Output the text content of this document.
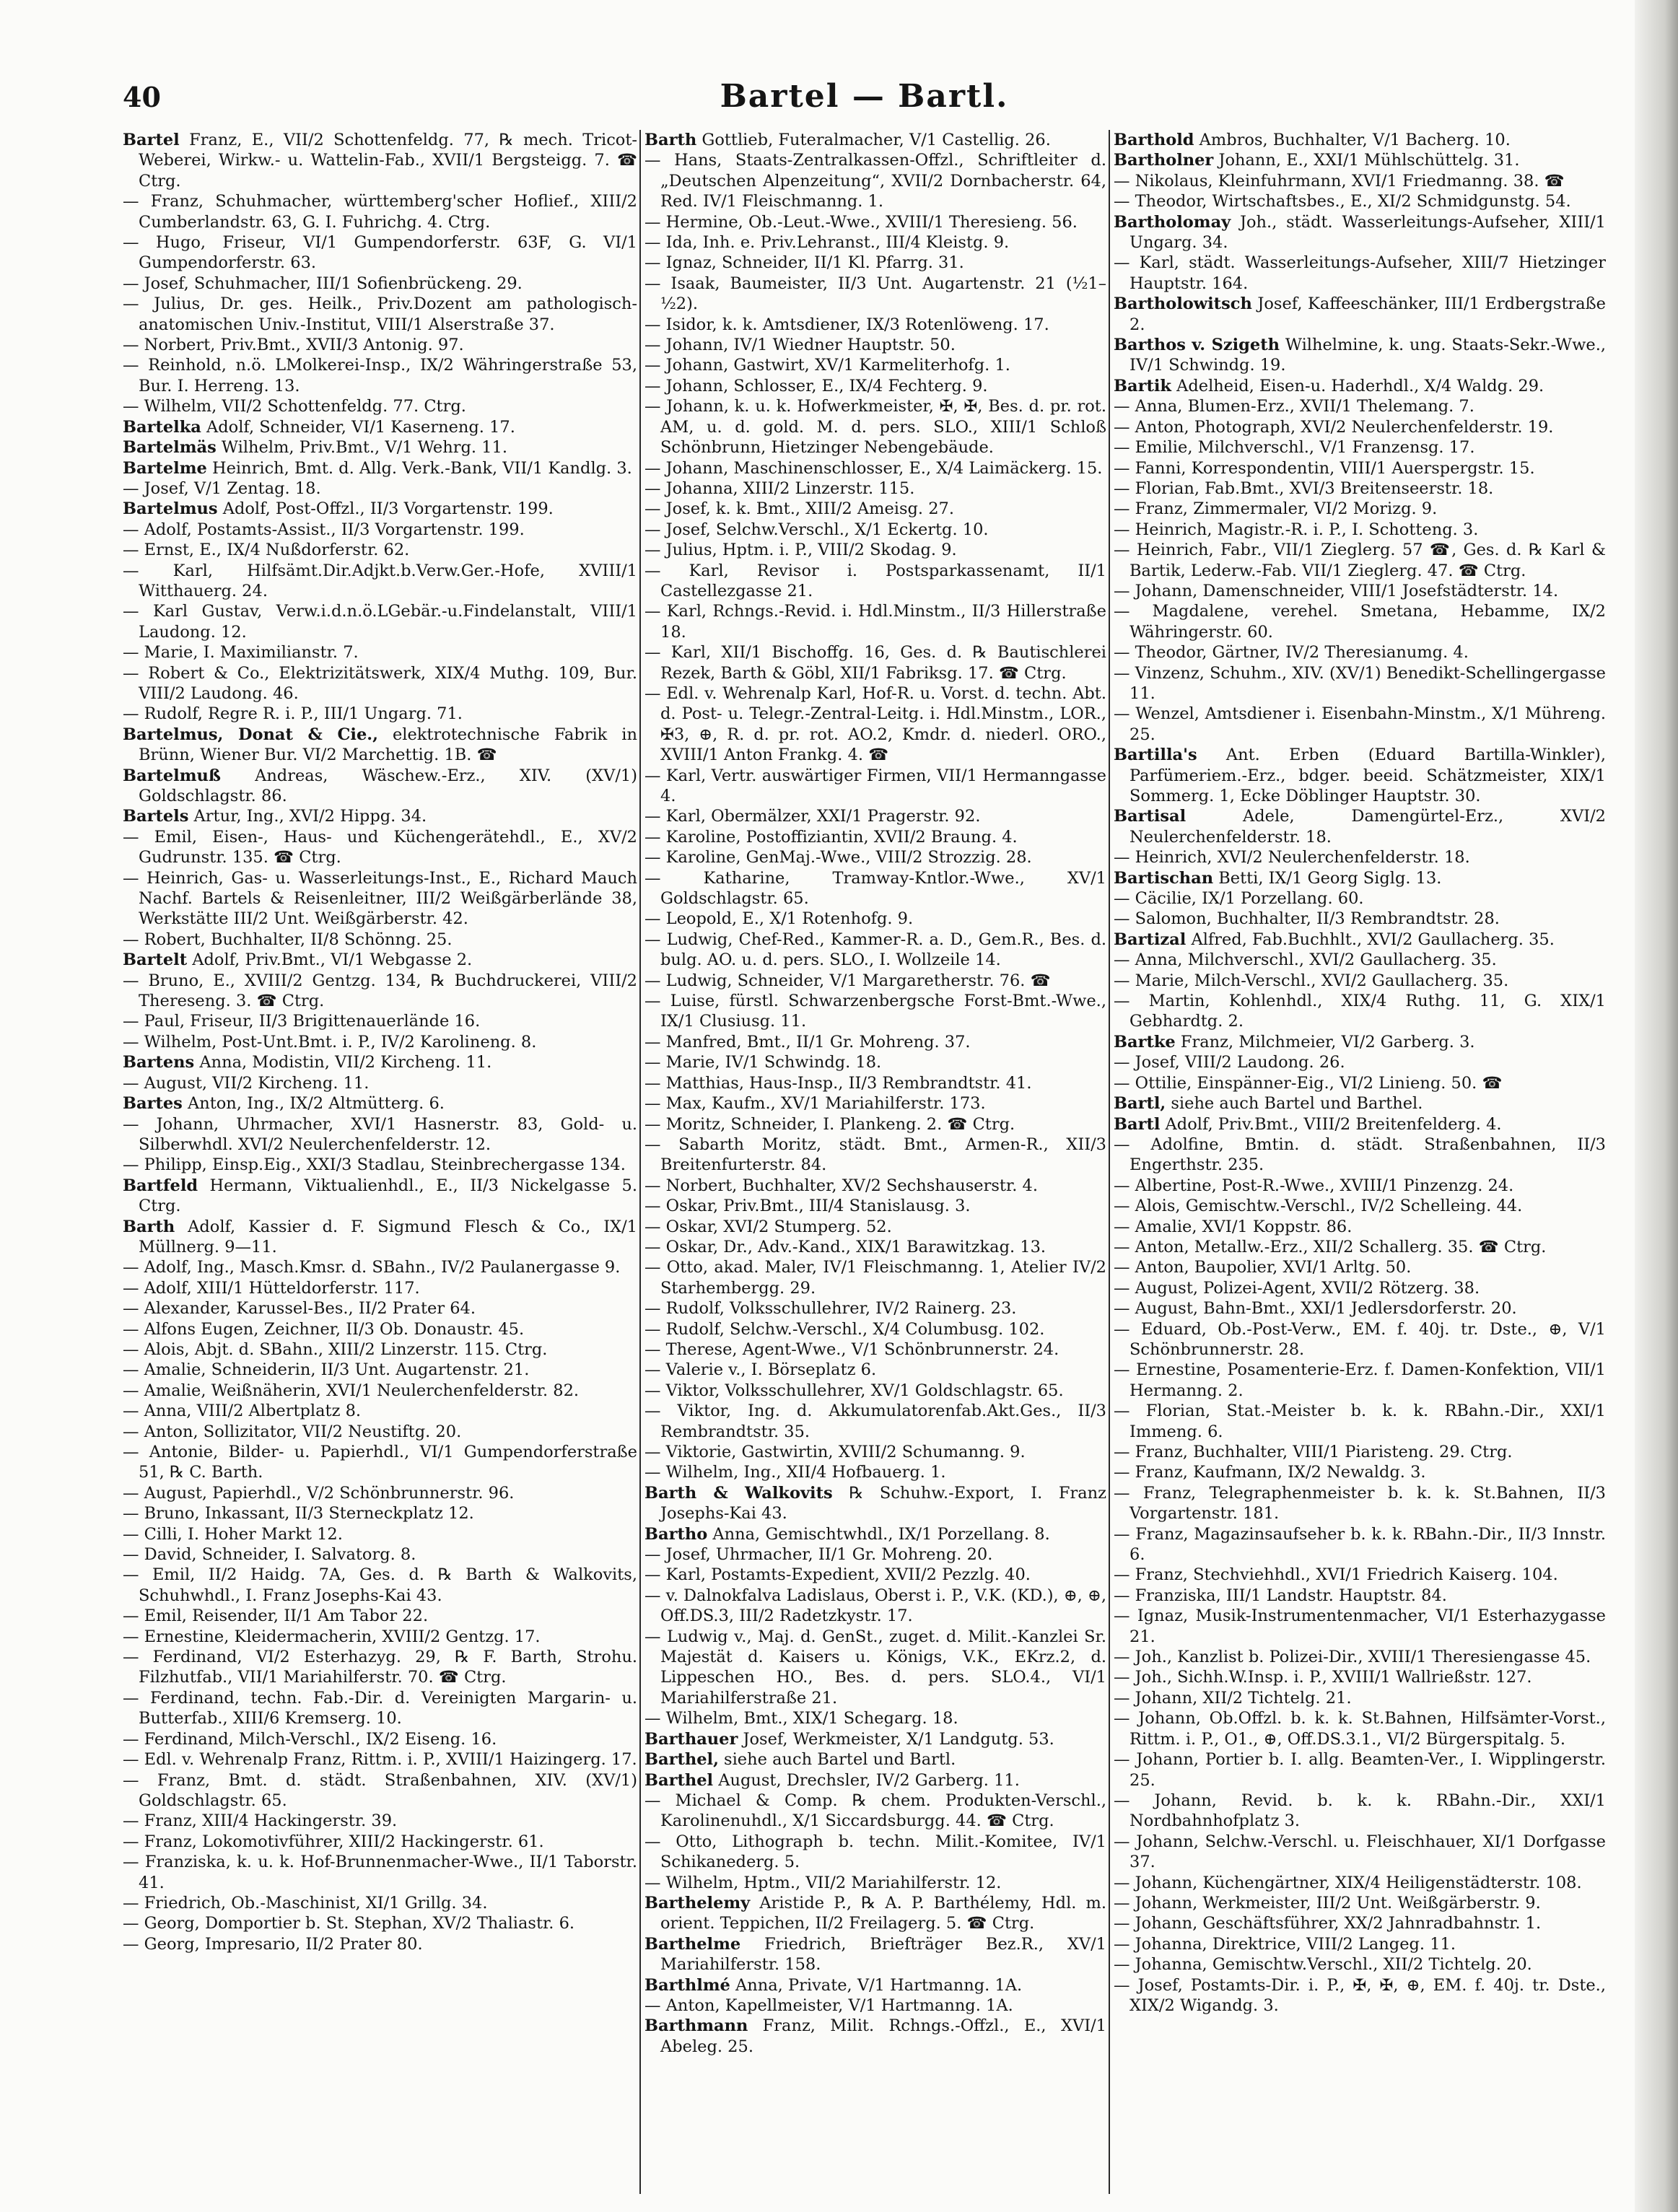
40	Bartel — Bartl.

Bartel Franz, E., VII/2 Schottenfeldg. 77, ℞ mech. Tricot-Weberei, Wirkw.- u. Wattelin-Fab., XVII/1 Bergsteigg. 7. ☎ Ctrg.

— Franz, Schuhmacher, württemberg'scher Hoflief., XIII/2 Cumberlandstr. 63, G. I. Fuhrichg. 4. Ctrg.

— Hugo, Friseur, VI/1 Gumpendorferstr. 63F, G. VI/1 Gumpendorferstr. 63.

— Josef, Schuhmacher, III/1 Sofienbrückeng. 29.

— Julius, Dr. ges. Heilk., Priv.Dozent am pathologisch-anatomischen Univ.-Institut, VIII/1 Alserstraße 37.

— Norbert, Priv.Bmt., XVII/3 Antonig. 97.

— Reinhold, n.ö. LMolkerei-Insp., IX/2 Währingerstraße 53, Bur. I. Herreng. 13.

— Wilhelm, VII/2 Schottenfeldg. 77. Ctrg.

Bartelka Adolf, Schneider, VI/1 Kaserneng. 17.

Bartelmäs Wilhelm, Priv.Bmt., V/1 Wehrg. 11.

Bartelme Heinrich, Bmt. d. Allg. Verk.-Bank, VII/1 Kandlg. 3.

— Josef, V/1 Zentag. 18.

Bartelmus Adolf, Post-Offzl., II/3 Vorgartenstr. 199.

— Adolf, Postamts-Assist., II/3 Vorgartenstr. 199.

— Ernst, E., IX/4 Nußdorferstr. 62.

— Karl, Hilfsämt.Dir.Adjkt.b.Verw.Ger.-Hofe, XVIII/1 Witthauerg. 24.

— Karl Gustav, Verw.i.d.n.ö.LGebär.-u.Findelanstalt, VIII/1 Laudong. 12.

— Marie, I. Maximilianstr. 7.

— Robert & Co., Elektrizitätswerk, XIX/4 Muthg. 109, Bur. VIII/2 Laudong. 46.

— Rudolf, Regre R. i. P., III/1 Ungarg. 71.

Bartelmus, Donat & Cie., elektrotechnische Fabrik in Brünn, Wiener Bur. VI/2 Marchettig. 1B. ☎

Bartelmuß Andreas, Wäschew.-Erz., XIV. (XV/1) Goldschlagstr. 86.

Bartels Artur, Ing., XVI/2 Hippg. 34.

— Emil, Eisen-, Haus- und Küchengerätehdl., E., XV/2 Gudrunstr. 135. ☎ Ctrg.

— Heinrich, Gas- u. Wasserleitungs-Inst., E., Richard Mauch Nachf. Bartels & Reisenleitner, III/2 Weißgärberlände 38, Werkstätte III/2 Unt. Weißgärberstr. 42.

— Robert, Buchhalter, II/8 Schönng. 25.

Bartelt Adolf, Priv.Bmt., VI/1 Webgasse 2.

— Bruno, E., XVIII/2 Gentzg. 134, ℞ Buchdruckerei, VIII/2 Thereseng. 3. ☎ Ctrg.

— Paul, Friseur, II/3 Brigittenauerlände 16.

— Wilhelm, Post-Unt.Bmt. i. P., IV/2 Karolineng. 8.

Bartens Anna, Modistin, VII/2 Kircheng. 11.

— August, VII/2 Kircheng. 11.

Bartes Anton, Ing., IX/2 Altmütterg. 6.

— Johann, Uhrmacher, XVI/1 Hasnerstr. 83, Gold- u. Silberwhdl. XVI/2 Neulerchenfelderstr. 12.

— Philipp, Einsp.Eig., XXI/3 Stadlau, Steinbrechergasse 134.

Bartfeld Hermann, Viktualienhdl., E., II/3 Nickelgasse 5. Ctrg.

Barth Adolf, Kassier d. F. Sigmund Flesch & Co., IX/1 Müllnerg. 9—11.

— Adolf, Ing., Masch.Kmsr. d. SBahn., IV/2 Paulanergasse 9.

— Adolf, XIII/1 Hütteldorferstr. 117.

— Alexander, Karussel-Bes., II/2 Prater 64.

— Alfons Eugen, Zeichner, II/3 Ob. Donaustr. 45.

— Alois, Abjt. d. SBahn., XIII/2 Linzerstr. 115. Ctrg.

— Amalie, Schneiderin, II/3 Unt. Augartenstr. 21.

— Amalie, Weißnäherin, XVI/1 Neulerchenfelderstr. 82.

— Anna, VIII/2 Albertplatz 8.

— Anton, Sollizitator, VII/2 Neustiftg. 20.

— Antonie, Bilder- u. Papierhdl., VI/1 Gumpendorferstraße 51, ℞ C. Barth.

— August, Papierhdl., V/2 Schönbrunnerstr. 96.

— Bruno, Inkassant, II/3 Sterneckplatz 12.

— Cilli, I. Hoher Markt 12.

— David, Schneider, I. Salvatorg. 8.

— Emil, II/2 Haidg. 7A, Ges. d. ℞ Barth & Walkovits, Schuhwhdl., I. Franz Josephs-Kai 43.

— Emil, Reisender, II/1 Am Tabor 22.

— Ernestine, Kleidermacherin, XVIII/2 Gentzg. 17.

— Ferdinand, VI/2 Esterhazyg. 29, ℞ F. Barth, Strohu. Filzhutfab., VII/1 Mariahilferstr. 70. ☎ Ctrg.

— Ferdinand, techn. Fab.-Dir. d. Vereinigten Margarin- u. Butterfab., XIII/6 Kremserg. 10.

— Ferdinand, Milch-Verschl., IX/2 Eiseng. 16.

— Edl. v. Wehrenalp Franz, Rittm. i. P., XVIII/1 Haizingerg. 17.

— Franz, Bmt. d. städt. Straßenbahnen, XIV. (XV/1) Goldschlagstr. 65.

— Franz, XIII/4 Hackingerstr. 39.

— Franz, Lokomotivführer, XIII/2 Hackingerstr. 61.

— Franziska, k. u. k. Hof-Brunnenmacher-Wwe., II/1 Taborstr. 41.

— Friedrich, Ob.-Maschinist, XI/1 Grillg. 34.

— Georg, Domportier b. St. Stephan, XV/2 Thaliastr. 6.

— Georg, Impresario, II/2 Prater 80.

Barth Gottlieb, Futeralmacher, V/1 Castellig. 26.

— Hans, Staats-Zentralkassen-Offzl., Schriftleiter d. „Deutschen Alpenzeitung“, XVII/2 Dornbacherstr. 64, Red. IV/1 Fleischmanng. 1.

— Hermine, Ob.-Leut.-Wwe., XVIII/1 Theresieng. 56.

— Ida, Inh. e. Priv.Lehranst., III/4 Kleistg. 9.

— Ignaz, Schneider, II/1 Kl. Pfarrg. 31.

— Isaak, Baumeister, II/3 Unt. Augartenstr. 21 (½1–½2).

— Isidor, k. k. Amtsdiener, IX/3 Rotenlöweng. 17.

— Johann, IV/1 Wiedner Hauptstr. 50.

— Johann, Gastwirt, XV/1 Karmeliterhofg. 1.

— Johann, Schlosser, E., IX/4 Fechterg. 9.

— Johann, k. u. k. Hofwerkmeister, ✠, ✠, Bes. d. pr. rot. AM, u. d. gold. M. d. pers. SLO., XIII/1 Schloß Schönbrunn, Hietzinger Nebengebäude.

— Johann, Maschinenschlosser, E., X/4 Laimäckerg. 15.

— Johanna, XIII/2 Linzerstr. 115.

— Josef, k. k. Bmt., XIII/2 Ameisg. 27.

— Josef, Selchw.Verschl., X/1 Eckertg. 10.

— Julius, Hptm. i. P., VIII/2 Skodag. 9.

— Karl, Revisor i. Postsparkassenamt, II/1 Castellezgasse 21.

— Karl, Rchngs.-Revid. i. Hdl.Minstm., II/3 Hillerstraße 18.

— Karl, XII/1 Bischoffg. 16, Ges. d. ℞ Bautischlerei Rezek, Barth & Göbl, XII/1 Fabriksg. 17. ☎ Ctrg.

— Edl. v. Wehrenalp Karl, Hof-R. u. Vorst. d. techn. Abt. d. Post- u. Telegr.-Zentral-Leitg. i. Hdl.Minstm., LOR., ✠3, ⊕, R. d. pr. rot. AO.2, Kmdr. d. niederl. ORO., XVIII/1 Anton Frankg. 4. ☎

— Karl, Vertr. auswärtiger Firmen, VII/1 Hermanngasse 4.

— Karl, Obermälzer, XXI/1 Pragerstr. 92.

— Karoline, Postoffiziantin, XVII/2 Braung. 4.

— Karoline, GenMaj.-Wwe., VIII/2 Strozzig. 28.

— Katharine, Tramway-Kntlor.-Wwe., XV/1 Goldschlagstr. 65.

— Leopold, E., X/1 Rotenhofg. 9.

— Ludwig, Chef-Red., Kammer-R. a. D., Gem.R., Bes. d. bulg. AO. u. d. pers. SLO., I. Wollzeile 14.

— Ludwig, Schneider, V/1 Margaretherstr. 76. ☎

— Luise, fürstl. Schwarzenbergsche Forst-Bmt.-Wwe., IX/1 Clusiusg. 11.

— Manfred, Bmt., II/1 Gr. Mohreng. 37.

— Marie, IV/1 Schwindg. 18.

— Matthias, Haus-Insp., II/3 Rembrandtstr. 41.

— Max, Kaufm., XV/1 Mariahilferstr. 173.

— Moritz, Schneider, I. Plankeng. 2. ☎ Ctrg.

— Sabarth Moritz, städt. Bmt., Armen-R., XII/3 Breitenfurterstr. 84.

— Norbert, Buchhalter, XV/2 Sechshauserstr. 4.

— Oskar, Priv.Bmt., III/4 Stanislausg. 3.

— Oskar, XVI/2 Stumperg. 52.

— Oskar, Dr., Adv.-Kand., XIX/1 Barawitzkag. 13.

— Otto, akad. Maler, IV/1 Fleischmanng. 1, Atelier IV/2 Starhembergg. 29.

— Rudolf, Volksschullehrer, IV/2 Rainerg. 23.

— Rudolf, Selchw.-Verschl., X/4 Columbusg. 102.

— Therese, Agent-Wwe., V/1 Schönbrunnerstr. 24.

— Valerie v., I. Börseplatz 6.

— Viktor, Volksschullehrer, XV/1 Goldschlagstr. 65.

— Viktor, Ing. d. Akkumulatorenfab.Akt.Ges., II/3 Rembrandtstr. 35.

— Viktorie, Gastwirtin, XVIII/2 Schumanng. 9.

— Wilhelm, Ing., XII/4 Hofbauerg. 1.

Barth & Walkovits ℞ Schuhw.-Export, I. Franz Josephs-Kai 43.

Bartho Anna, Gemischtwhdl., IX/1 Porzellang. 8.

— Josef, Uhrmacher, II/1 Gr. Mohreng. 20.

— Karl, Postamts-Expedient, XVII/2 Pezzlg. 40.

— v. Dalnokfalva Ladislaus, Oberst i. P., V.K. (KD.), ⊕, ⊕, Off.DS.3, III/2 Radetzkystr. 17.

— Ludwig v., Maj. d. GenSt., zuget. d. Milit.-Kanzlei Sr. Majestät d. Kaisers u. Königs, V.K., EKrz.2, d. Lippeschen HO., Bes. d. pers. SLO.4., VI/1 Mariahilferstraße 21.

— Wilhelm, Bmt., XIX/1 Schegarg. 18.

Barthauer Josef, Werkmeister, X/1 Landgutg. 53.

Barthel, siehe auch Bartel und Bartl.

Barthel August, Drechsler, IV/2 Garberg. 11.

— Michael & Comp. ℞ chem. Produkten-Verschl., Karolinenuhdl., X/1 Siccardsburgg. 44. ☎ Ctrg.

— Otto, Lithograph b. techn. Milit.-Komitee, IV/1 Schikanederg. 5.

— Wilhelm, Hptm., VII/2 Mariahilferstr. 12.

Barthelemy Aristide P., ℞ A. P. Barthélemy, Hdl. m. orient. Teppichen, II/2 Freilagerg. 5. ☎ Ctrg.

Barthelme Friedrich, Briefträger Bez.R., XV/1 Mariahilferstr. 158.

Barthlmé Anna, Private, V/1 Hartmanng. 1A.

— Anton, Kapellmeister, V/1 Hartmanng. 1A.

Barthmann Franz, Milit. Rchngs.-Offzl., E., XVI/1 Abeleg. 25.

Barthold Ambros, Buchhalter, V/1 Bacherg. 10.

Bartholner Johann, E., XXI/1 Mühlschüttelg. 31.

— Nikolaus, Kleinfuhrmann, XVI/1 Friedmanng. 38. ☎

— Theodor, Wirtschaftsbes., E., XI/2 Schmidgunstg. 54.

Bartholomay Joh., städt. Wasserleitungs-Aufseher, XIII/1 Ungarg. 34.

— Karl, städt. Wasserleitungs-Aufseher, XIII/7 Hietzinger Hauptstr. 164.

Bartholowitsch Josef, Kaffeeschänker, III/1 Erdbergstraße 2.

Barthos v. Szigeth Wilhelmine, k. ung. Staats-Sekr.-Wwe., IV/1 Schwindg. 19.

Bartik Adelheid, Eisen-u. Haderhdl., X/4 Waldg. 29.

— Anna, Blumen-Erz., XVII/1 Thelemang. 7.

— Anton, Photograph, XVI/2 Neulerchenfelderstr. 19.

— Emilie, Milchverschl., V/1 Franzensg. 17.

— Fanni, Korrespondentin, VIII/1 Auerspergstr. 15.

— Florian, Fab.Bmt., XVI/3 Breitenseerstr. 18.

— Franz, Zimmermaler, VI/2 Morizg. 9.

— Heinrich, Magistr.-R. i. P., I. Schotteng. 3.

— Heinrich, Fabr., VII/1 Zieglerg. 57 ☎, Ges. d. ℞ Karl & Bartik, Lederw.-Fab. VII/1 Zieglerg. 47. ☎ Ctrg.

— Johann, Damenschneider, VIII/1 Josefstädterstr. 14.

— Magdalene, verehel. Smetana, Hebamme, IX/2 Währingerstr. 60.

— Theodor, Gärtner, IV/2 Theresianumg. 4.

— Vinzenz, Schuhm., XIV. (XV/1) Benedikt-Schellingergasse 11.

— Wenzel, Amtsdiener i. Eisenbahn-Minstm., X/1 Mühreng. 25.

Bartilla's Ant. Erben (Eduard Bartilla-Winkler), Parfümeriem.-Erz., bdger. beeid. Schätzmeister, XIX/1 Sommerg. 1, Ecke Döblinger Hauptstr. 30.

Bartisal Adele, Damengürtel-Erz., XVI/2 Neulerchenfelderstr. 18.

— Heinrich, XVI/2 Neulerchenfelderstr. 18.

Bartischan Betti, IX/1 Georg Siglg. 13.

— Cäcilie, IX/1 Porzellang. 60.

— Salomon, Buchhalter, II/3 Rembrandtstr. 28.

Bartizal Alfred, Fab.Buchhlt., XVI/2 Gaullacherg. 35.

— Anna, Milchverschl., XVI/2 Gaullacherg. 35.

— Marie, Milch-Verschl., XVI/2 Gaullacherg. 35.

— Martin, Kohlenhdl., XIX/4 Ruthg. 11, G. XIX/1 Gebhardtg. 2.

Bartke Franz, Milchmeier, VI/2 Garberg. 3.

— Josef, VIII/2 Laudong. 26.

— Ottilie, Einspänner-Eig., VI/2 Linieng. 50. ☎

Bartl, siehe auch Bartel und Barthel.

Bartl Adolf, Priv.Bmt., VIII/2 Breitenfelderg. 4.

— Adolfine, Bmtin. d. städt. Straßenbahnen, II/3 Engerthstr. 235.

— Albertine, Post-R.-Wwe., XVIII/1 Pinzenzg. 24.

— Alois, Gemischtw.-Verschl., IV/2 Schelleing. 44.

— Amalie, XVI/1 Koppstr. 86.

— Anton, Metallw.-Erz., XII/2 Schallerg. 35. ☎ Ctrg.

— Anton, Baupolier, XVI/1 Arltg. 50.

— August, Polizei-Agent, XVII/2 Rötzerg. 38.

— August, Bahn-Bmt., XXI/1 Jedlersdorferstr. 20.

— Eduard, Ob.-Post-Verw., EM. f. 40j. tr. Dste., ⊕, V/1 Schönbrunnerstr. 28.

— Ernestine, Posamenterie-Erz. f. Damen-Konfektion, VII/1 Hermanng. 2.

— Florian, Stat.-Meister b. k. k. RBahn.-Dir., XXI/1 Immeng. 6.

— Franz, Buchhalter, VIII/1 Piaristeng. 29. Ctrg.

— Franz, Kaufmann, IX/2 Newaldg. 3.

— Franz, Telegraphenmeister b. k. k. St.Bahnen, II/3 Vorgartenstr. 181.

— Franz, Magazinsaufseher b. k. k. RBahn.-Dir., II/3 Innstr. 6.

— Franz, Stechviehhdl., XVI/1 Friedrich Kaiserg. 104.

— Franziska, III/1 Landstr. Hauptstr. 84.

— Ignaz, Musik-Instrumentenmacher, VI/1 Esterhazygasse 21.

— Joh., Kanzlist b. Polizei-Dir., XVIII/1 Theresiengasse 45.

— Joh., Sichh.W.Insp. i. P., XVIII/1 Wallrießstr. 127.

— Johann, XII/2 Tichtelg. 21.

— Johann, Ob.Offzl. b. k. k. St.Bahnen, Hilfsämter-Vorst., Rittm. i. P., O1., ⊕, Off.DS.3.1., VI/2 Bürgerspitalg. 5.

— Johann, Portier b. I. allg. Beamten-Ver., I. Wipplingerstr. 25.

— Johann, Revid. b. k. k. RBahn.-Dir., XXI/1 Nordbahnhofplatz 3.

— Johann, Selchw.-Verschl. u. Fleischhauer, XI/1 Dorfgasse 37.

— Johann, Küchengärtner, XIX/4 Heiligenstädterstr. 108.

— Johann, Werkmeister, III/2 Unt. Weißgärberstr. 9.

— Johann, Geschäftsführer, XX/2 Jahnradbahnstr. 1.

— Johanna, Direktrice, VIII/2 Langeg. 11.

— Johanna, Gemischtw.Verschl., XII/2 Tichtelg. 20.

— Josef, Postamts-Dir. i. P., ✠, ✠, ⊕, EM. f. 40j. tr. Dste., XIX/2 Wigandg. 3.
